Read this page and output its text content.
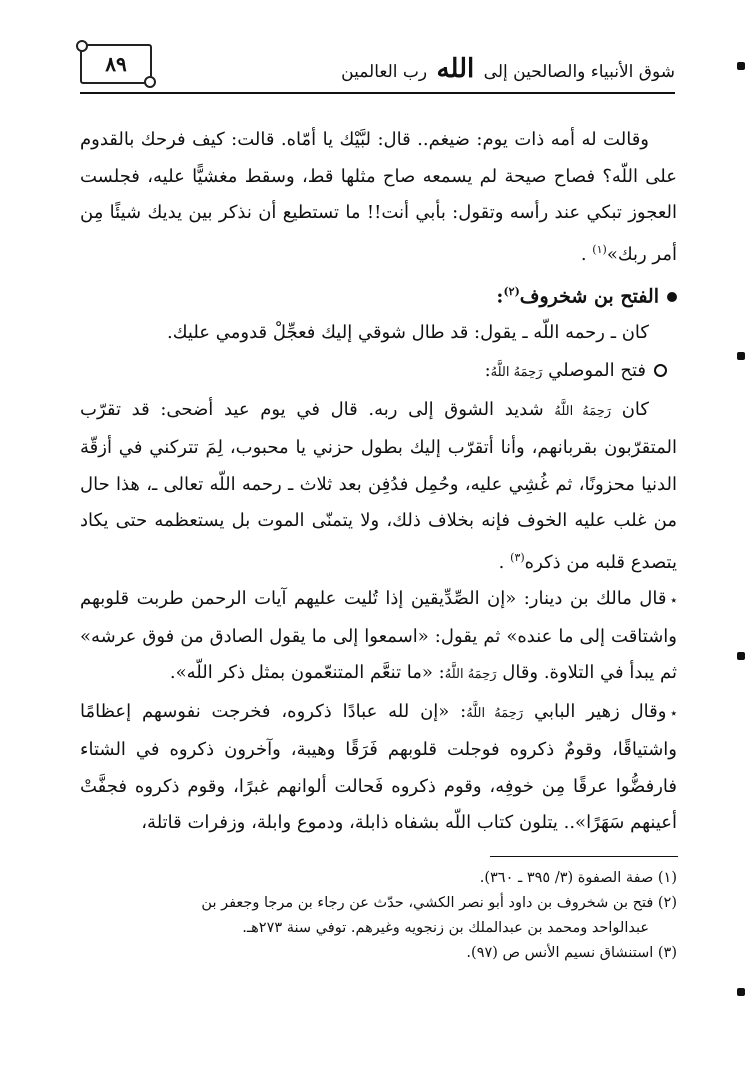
٨٩	شوق الأنبياء والصالحين إلى الله رب العالمين

وقالت له أمه ذات يوم: ضيغم.. قال: لبَّيْك يا أمّاه. قالت: كيف فرحك بالقدوم على اللّه؟ فصاح صيحة لم يسمعه صاح مثلها قط، وسقط مغشيًّا عليه، فجلست العجوز تبكي عند رأسه وتقول: بأبي أنت!! ما تستطيع أن نذكر بين يديك شيئًا مِن أمر ربك»$^{(١)}$ .

الفتح بن شخروف$^{(٢)}$:

كان ـ رحمه اللّه ـ يقول: قد طال شوقي إليك فعجِّلْ قدومي عليك.

فتح الموصلي رَحِمَهُ اللَّهُ:

كان رَحِمَهُ اللَّهُ شديد الشوق إلى ربه. قال في يوم عيد أضحى: قد تقرّب المتقرّبون بقربانهم، وأنا أتقرّب إليك بطول حزني يا محبوب، لِمَ تتركني في أزقّة الدنيا محزونًا، ثم غُشِي عليه، وحُمِل فدُفِن بعد ثلاث ـ رحمه اللّه تعالى ـ، هذا حال من غلب عليه الخوف فإنه بخلاف ذلك، ولا يتمنّى الموت بل يستعظمه حتى يكاد يتصدع قلبه من ذكره$^{(٣)}$ .

٭قال مالك بن دينار: «إن الصِّدِّيقين إذا تُليت عليهم آيات الرحمن طربت قلوبهم واشتاقت إلى ما عنده» ثم يقول: «اسمعوا إلى ما يقول الصادق من فوق عرشه» ثم يبدأ في التلاوة. وقال رَحِمَهُ اللَّهُ: «ما تنعَّم المتنعّمون بمثل ذكر اللّه».

٭وقال زهير البابي رَحِمَهُ اللَّهُ: «إن لله عبادًا ذكروه، فخرجت نفوسهم إعظامًا واشتياقًا، وقومٌ ذكروه فوجلت قلوبهم فَرَقًا وهيبة، وآخرون ذكروه في الشتاء فارفضُّوا عرقًا مِن خوفِه، وقوم ذكروه فَحالت ألوانهم غبرًا، وقوم ذكروه فجفَّتْ أعينهم سَهَرًا».. يتلون كتاب اللّه بشفاه ذابلة، ودموع وابلة، وزفرات قاتلة،

(١) صفة الصفوة (٣/ ٣٩٥ ـ ٣٦٠).

(٢) فتح بن شخروف بن داود أبو نصر الكشي، حدّث عن رجاء بن مرجا وجعفر بن

عبدالواحد ومحمد بن عبدالملك بن زنجويه وغيرهم. توفي سنة ٢٧٣هـ.

(٣) استنشاق نسيم الأنس ص (٩٧).
